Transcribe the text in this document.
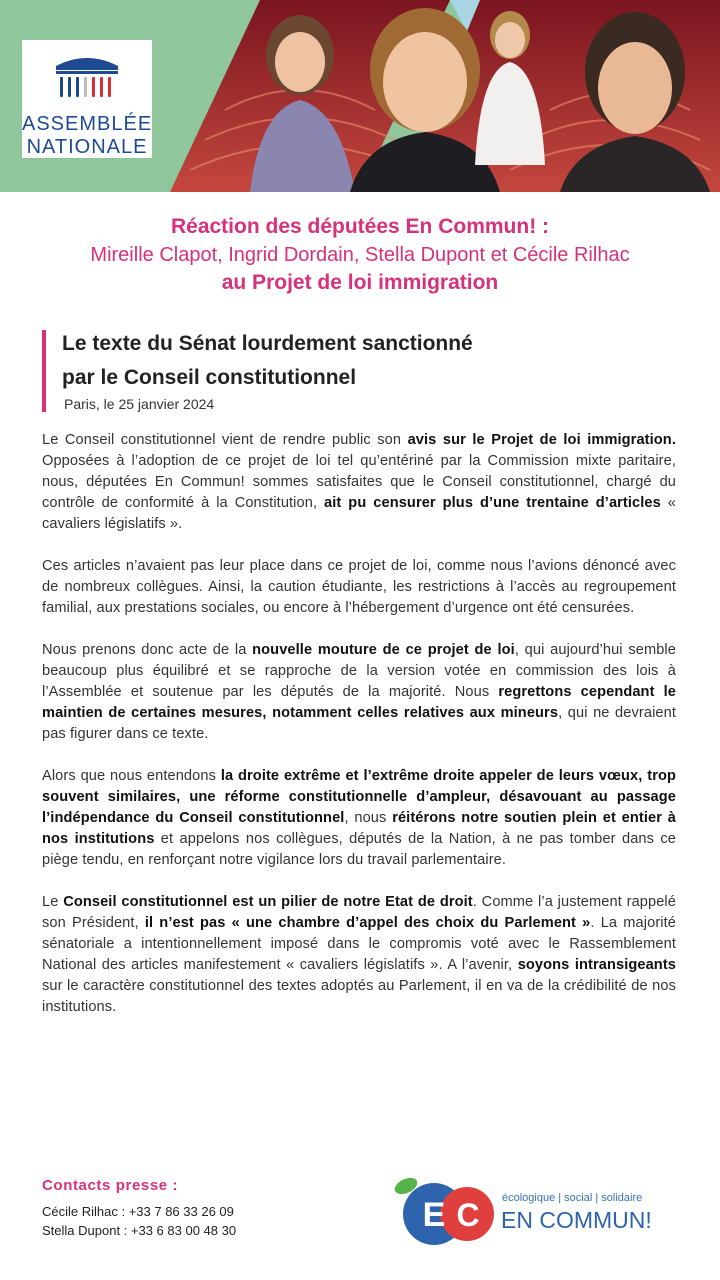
ASSEMBLÉE
NATIONALE
Réaction des députées En Commun! :
Mireille Clapot, Ingrid Dordain, Stella Dupont et Cécile Rilhac
au Projet de loi immigration
Le texte du Sénat lourdement sanctionné
par le Conseil constitutionnel
Paris, le 25 janvier 2024

Le Conseil constitutionnel vient de rendre public son avis sur le Projet de loi immigration. Opposées à l’adoption de ce projet de loi tel qu’entériné par la Commission mixte paritaire, nous, députées En Commun! sommes satisfaites que le Conseil constitutionnel, chargé du contrôle de conformité à la Constitution, ait pu censurer plus d’une trentaine d’articles « cavaliers législatifs ».

Ces articles n’avaient pas leur place dans ce projet de loi, comme nous l’avions dénoncé avec de nombreux collègues. Ainsi, la caution étudiante, les restrictions à l’accès au regroupement familial, aux prestations sociales, ou encore à l’hébergement d’urgence ont été censurées.

Nous prenons donc acte de la nouvelle mouture de ce projet de loi, qui aujourd’hui semble beaucoup plus équilibré et se rapproche de la version votée en commission des lois à l’Assemblée et soutenue par les députés de la majorité. Nous regrettons cependant le maintien de certaines mesures, notamment celles relatives aux mineurs, qui ne devraient pas figurer dans ce texte.

Alors que nous entendons la droite extrême et l’extrême droite appeler de leurs vœux, trop souvent similaires, une réforme constitutionnelle d’ampleur, désavouant au passage l’indépendance du Conseil constitutionnel, nous réitérons notre soutien plein et entier à nos institutions et appelons nos collègues, députés de la Nation, à ne pas tomber dans ce piège tendu, en renforçant notre vigilance lors du travail parlementaire.

Le Conseil constitutionnel est un pilier de notre Etat de droit. Comme l’a justement rappelé son Président, il n’est pas « une chambre d’appel des choix du Parlement ». La majorité sénatoriale a intentionnellement imposé dans le compromis voté avec le Rassemblement National des articles manifestement « cavaliers législatifs ». A l’avenir, soyons intransigeants sur le caractère constitutionnel des textes adoptés au Parlement, il en va de la crédibilité de nos institutions.

Contacts presse :
Cécile Rilhac : +33 7 86 33 26 09
Stella Dupont : +33 6 83 00 48 30	E C écologique | social | solidaire
EN COMMUN!
